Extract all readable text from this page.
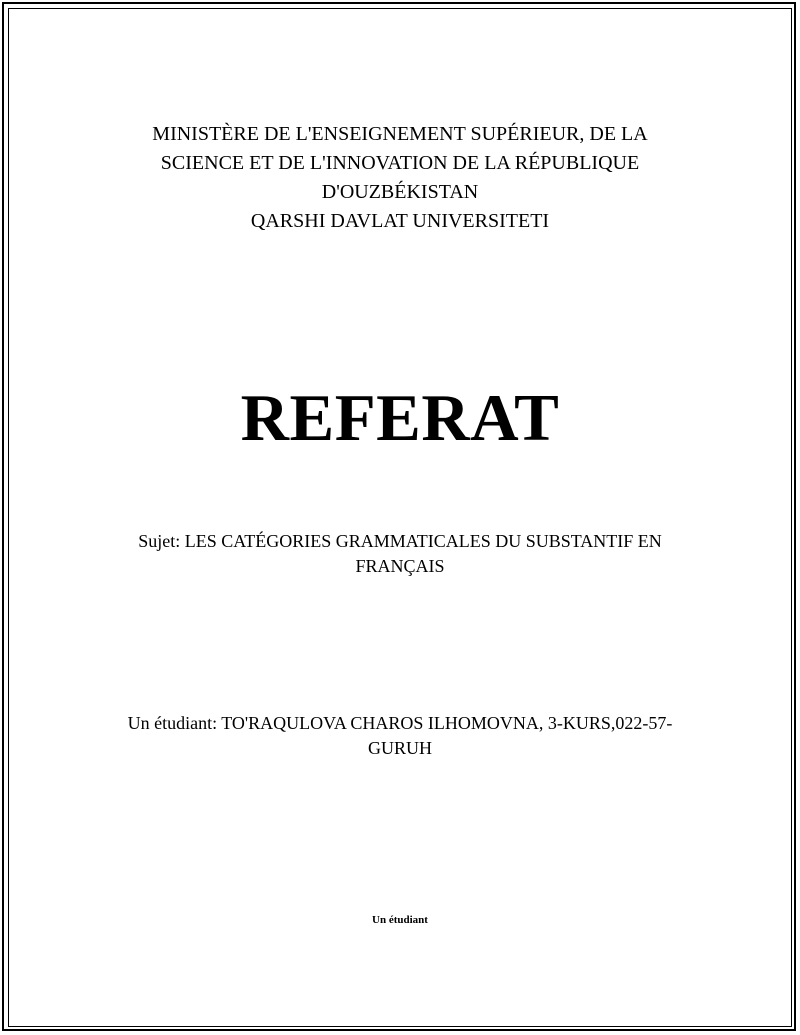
MINISTÈRE DE L'ENSEIGNEMENT SUPÉRIEUR, DE LA
SCIENCE ET DE L'INNOVATION DE LA RÉPUBLIQUE
D'OUZBÉKISTAN
QARSHI DAVLAT UNIVERSITETI
REFERAT
Sujet: LES CATÉGORIES GRAMMATICALES DU SUBSTANTIF EN
FRANÇAIS
Un étudiant: TO'RAQULOVA CHAROS ILHOMOVNA, 3-KURS,022-57-
GURUH
Un étudiant
